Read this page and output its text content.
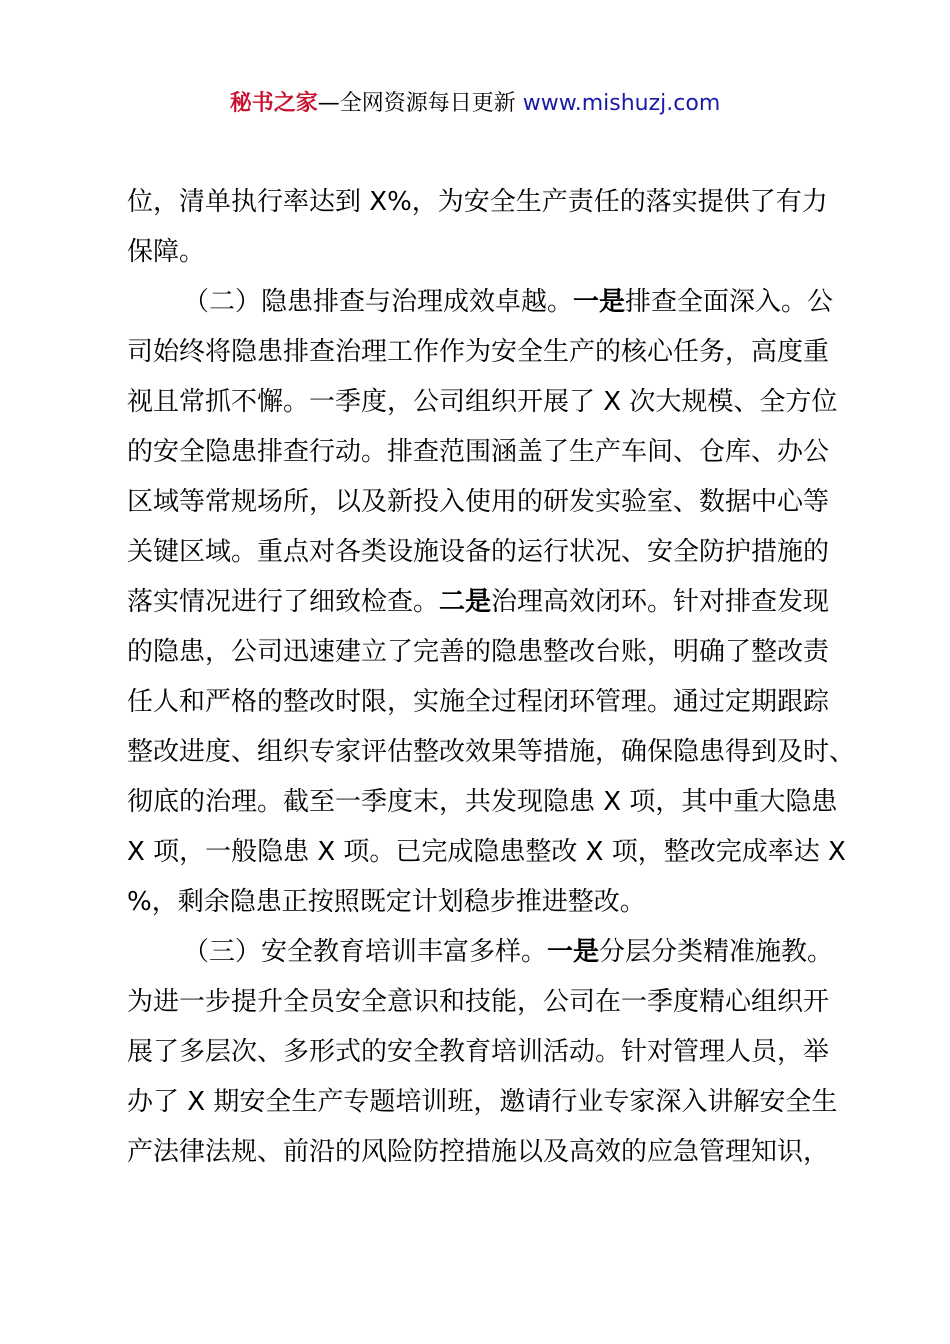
秘书之家—全网资源每日更新 www.mishuzj.com
位，清单执行率达到 X%，为安全生产责任的落实提供了有力
保障。
（二）隐患排查与治理成效卓越。一是排查全面深入。公
司始终将隐患排查治理工作作为安全生产的核心任务，高度重
视且常抓不懈。一季度，公司组织开展了 X 次大规模、全方位
的安全隐患排查行动。排查范围涵盖了生产车间、仓库、办公
区域等常规场所，以及新投入使用的研发实验室、数据中心等
关键区域。重点对各类设施设备的运行状况、安全防护措施的
落实情况进行了细致检查。二是治理高效闭环。针对排查发现
的隐患，公司迅速建立了完善的隐患整改台账，明确了整改责
任人和严格的整改时限，实施全过程闭环管理。通过定期跟踪
整改进度、组织专家评估整改效果等措施，确保隐患得到及时、
彻底的治理。截至一季度末，共发现隐患 X 项，其中重大隐患
X 项，一般隐患 X 项。已完成隐患整改 X 项，整改完成率达 X
%，剩余隐患正按照既定计划稳步推进整改。
（三）安全教育培训丰富多样。一是分层分类精准施教。
为进一步提升全员安全意识和技能，公司在一季度精心组织开
展了多层次、多形式的安全教育培训活动。针对管理人员，举
办了 X 期安全生产专题培训班，邀请行业专家深入讲解安全生
产法律法规、前沿的风险防控措施以及高效的应急管理知识，
